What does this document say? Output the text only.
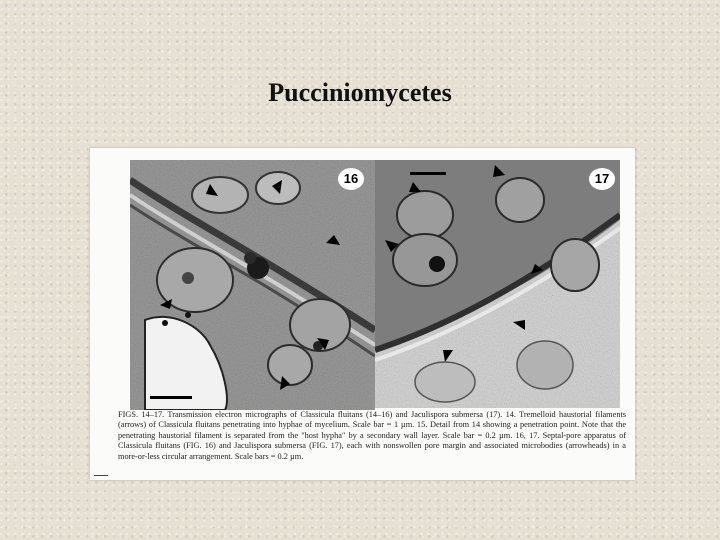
Pucciniomycetes
16	17
FIGS. 14–17. Transmission electron micrographs of Classicula fluitans (14–16) and Jaculispora submersa (17). 14. Tremelloid haustorial filaments (arrows) of Classicula fluitans penetrating into hyphae of mycelium. Scale bar = 1 µm. 15. Detail from 14 showing a penetration point. Note that the penetrating haustorial filament is separated from the "host hypha" by a secondary wall layer. Scale bar = 0.2 µm. 16, 17. Septal-pore apparatus of Classicula fluitans (FIG. 16) and Jaculispora submersa (FIG. 17), each with nonswollen pore margin and associated microbodies (arrowheads) in a more-or-less circular arrangement. Scale bars = 0.2 µm.
